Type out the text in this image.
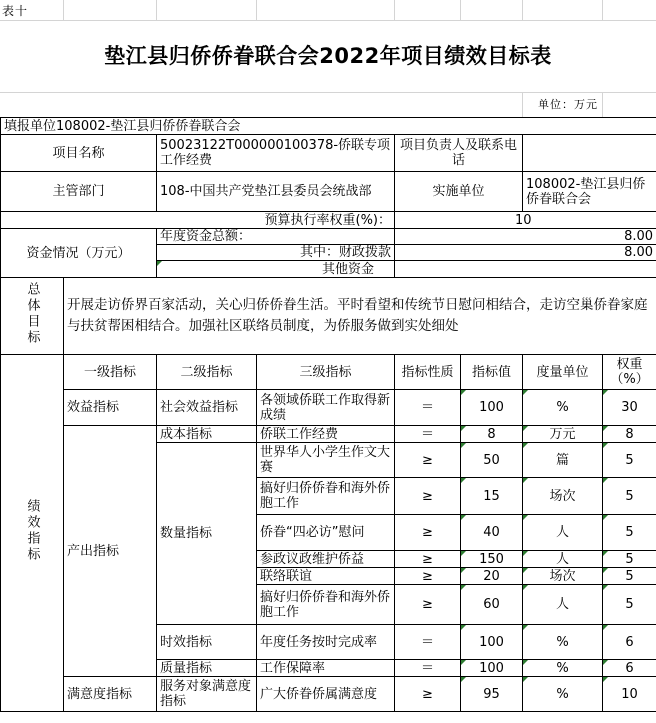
表十
垫江县归侨侨眷联合会2022年项目绩效目标表
单位：万元
填报单位108002-垫江县归侨侨眷联合会							
项目名称		50023122T000000100378-侨联专项工作经费		项目负责人及联系电话			
主管部门		108-中国共产党垫江县委员会统战部		实施单位		108002-垫江县归侨侨眷联合会	
预算执行率权重(%)：				10			
资金情况（万元）		年度资金总额：		8.00			
		其中：财政拨款		8.00			
		其他资金					
总体目标	开展走访侨界百家活动，关心归侨侨眷生活。平时看望和传统节日慰问相结合，走访空巢侨眷家庭与扶贫帮困相结合。加强社区联络员制度，为侨服务做到实处细处						
绩效指标	一级指标	二级指标	三级指标	指标性质	指标值	度量单位	权重（%）
	效益指标	社会效益指标	各领域侨联工作取得新成绩	＝	100	%	30
	产出指标	成本指标	侨联工作经费	＝	8	万元	8
		数量指标	世界华人小学生作文大赛	≥	50	篇	5
			搞好归侨侨眷和海外侨胞工作	≥	15	场次	5
			侨眷“四必访”慰问	≥	40	人	5
			参政议政维护侨益	≥	150	人	5
			联络联谊	≥	20	场次	5
			搞好归侨侨眷和海外侨胞工作	≥	60	人	5
		时效指标	年度任务按时完成率	＝	100	%	6
		质量指标	工作保障率	＝	100	%	6
	满意度指标	服务对象满意度指标	广大侨眷侨属满意度	≥	95	%	10
